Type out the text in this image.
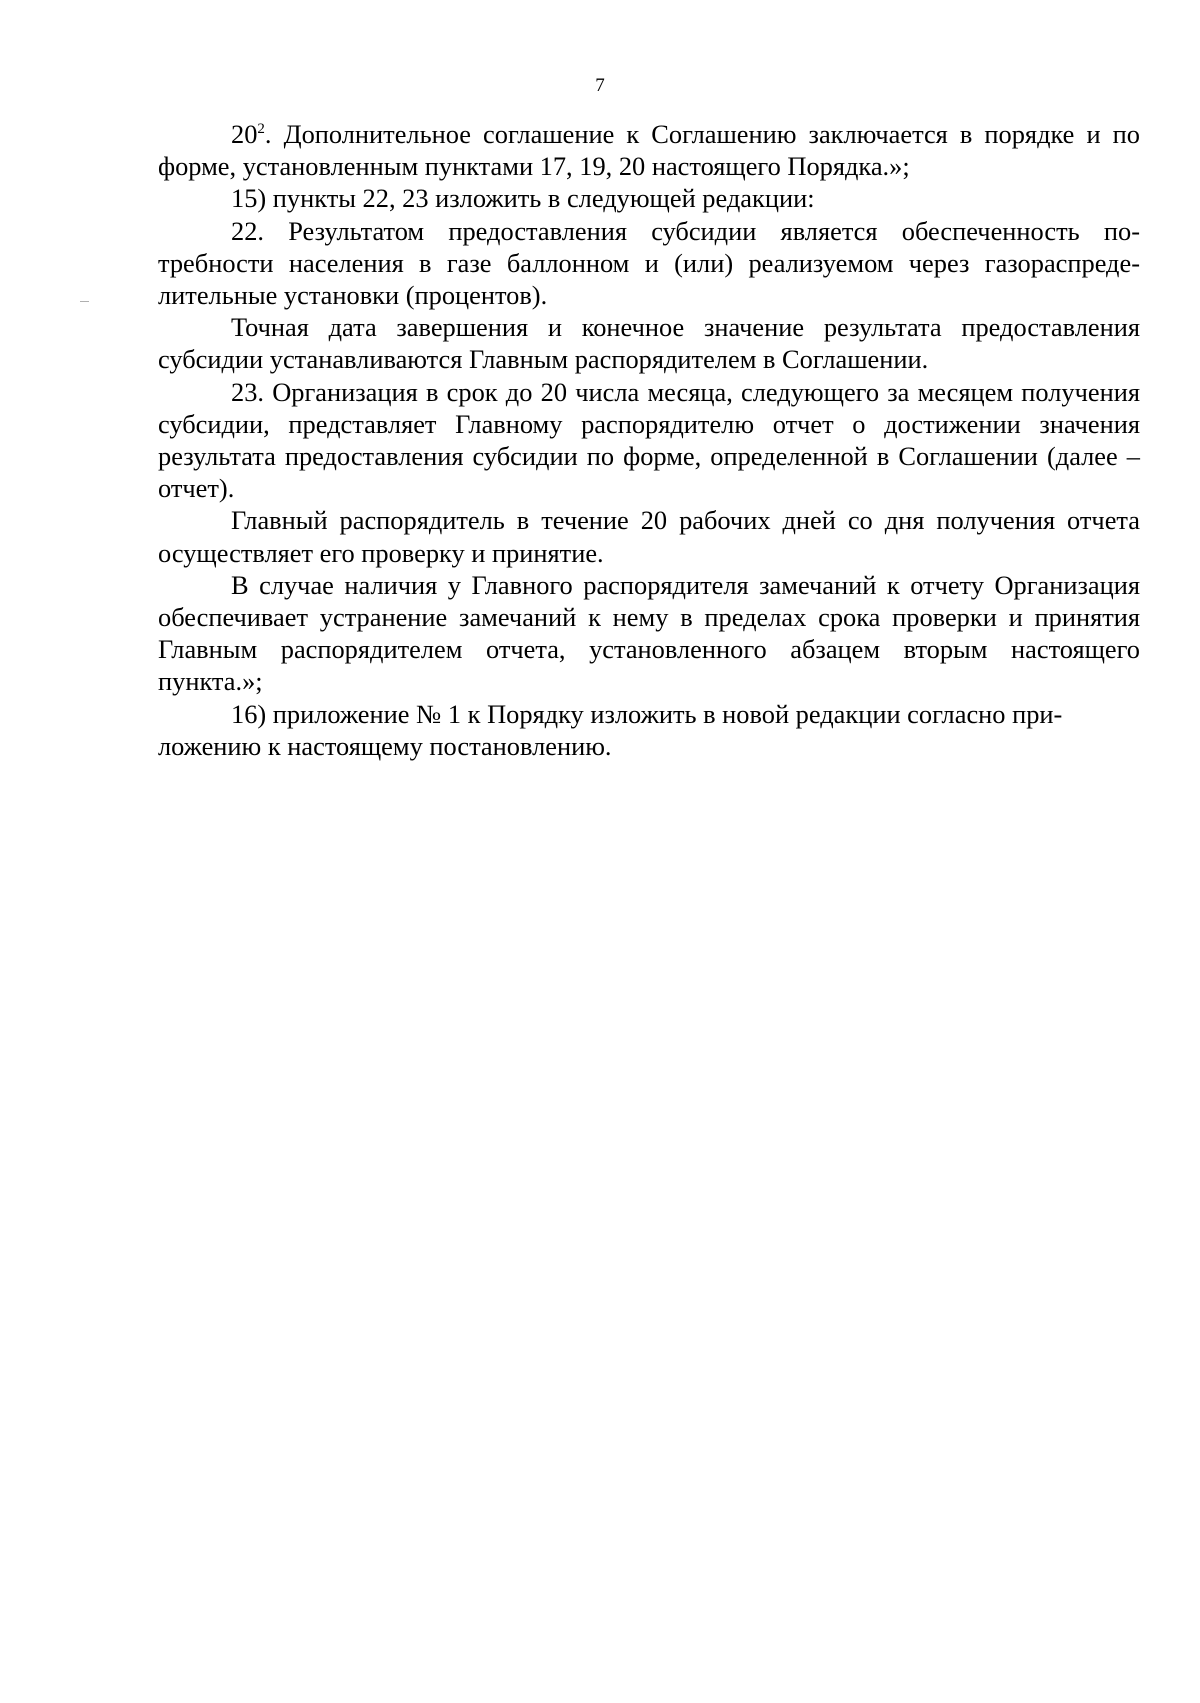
7

$20^2$. Дополнительное соглашение к Соглашению заключается в порядке и по форме, установленным пунктами 17, 19, 20 настоящего Порядка.»;

15) пункты 22, 23 изложить в следующей редакции:

22. Результатом предоставления субсидии является обеспеченность потребности населения в газе баллонном и (или) реализуемом через газораспределительные установки (процентов).

Точная дата завершения и конечное значение результата предоставления субсидии устанавливаются Главным распорядителем в Соглашении.

23. Организация в срок до 20 числа месяца, следующего за месяцем получения субсидии, представляет Главному распорядителю отчет о достижении значения результата предоставления субсидии по форме, определенной в Соглашении (далее – отчет).

Главный распорядитель в течение 20 рабочих дней со дня получения отчета осуществляет его проверку и принятие.

В случае наличия у Главного распорядителя замечаний к отчету Организация обеспечивает устранение замечаний к нему в пределах срока проверки и принятия Главным распорядителем отчета, установленного абзацем вторым настоящего пункта.»;

16) приложение № 1 к Порядку изложить в новой редакции согласно приложению к настоящему постановлению.
